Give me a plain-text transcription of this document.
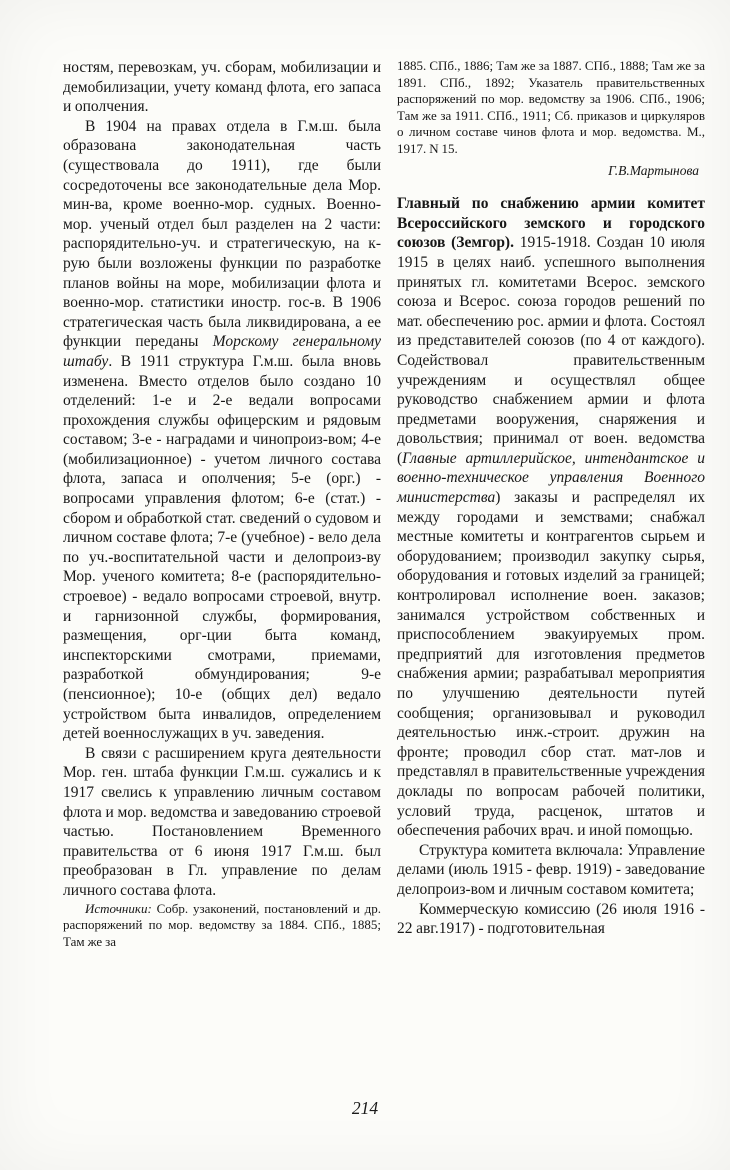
ностям, перевозкам, уч. сборам, мобилизации и демобилизации, учету команд флота, его запаса и ополчения.

В 1904 на правах отдела в Г.м.ш. была образована законодательная часть (существовала до 1911), где были сосредоточены все законодательные дела Мор. мин-ва, кроме военно-мор. судных. Военно-мор. ученый отдел был разделен на 2 части: распорядительно-уч. и стратегическую, на к-рую были возложены функции по разработке планов войны на море, мобилизации флота и военно-мор. статистики иностр. гос-в. В 1906 стратегическая часть была ликвидирована, а ее функции переданы Морскому генеральному штабу. В 1911 структура Г.м.ш. была вновь изменена. Вместо отделов было создано 10 отделений: 1-е и 2-е ведали вопросами прохождения службы офицерским и рядовым составом; 3-е - наградами и чинопроиз-вом; 4-е (мобилизационное) - учетом личного состава флота, запаса и ополчения; 5-е (орг.) - вопросами управления флотом; 6-е (стат.) - сбором и обработкой стат. сведений о судовом и личном составе флота; 7-е (учебное) - вело дела по уч.-воспитательной части и делопроиз-ву Мор. ученого комитета; 8-е (распорядительно-строевое) - ведало вопросами строевой, внутр. и гарнизонной службы, формирования, размещения, орг-ции быта команд, инспекторскими смотрами, приемами, разработкой обмундирования; 9-е (пенсионное); 10-е (общих дел) ведало устройством быта инвалидов, определением детей военнослужащих в уч. заведения.

В связи с расширением круга деятельности Мор. ген. штаба функции Г.м.ш. сужались и к 1917 свелись к управлению личным составом флота и мор. ведомства и заведованию строевой частью. Постановлением Временного правительства от 6 июня 1917 Г.м.ш. был преобразован в Гл. управление по делам личного состава флота.

Источники: Собр. узаконений, постановлений и др. распоряжений по мор. ведомству за 1884. СПб., 1885; Там же за

1885. СПб., 1886; Там же за 1887. СПб., 1888; Там же за 1891. СПб., 1892; Указатель правительственных распоряжений по мор. ведомству за 1906. СПб., 1906; Там же за 1911. СПб., 1911; Сб. приказов и циркуляров о личном составе чинов флота и мор. ведомства. М., 1917. N 15.

Г.В.Мартынова

Главный по снабжению армии комитет Всероссийского земского и городского союзов (Земгор). 1915-1918. Создан 10 июля 1915 в целях наиб. успешного выполнения принятых гл. комитетами Всерос. земского союза и Всерос. союза городов решений по мат. обеспечению рос. армии и флота. Состоял из представителей союзов (по 4 от каждого). Содействовал правительственным учреждениям и осуществлял общее руководство снабжением армии и флота предметами вооружения, снаряжения и довольствия; принимал от воен. ведомства (Главные артиллерийское, интендантское и военно-техническое управления Военного министерства) заказы и распределял их между городами и земствами; снабжал местные комитеты и контрагентов сырьем и оборудованием; производил закупку сырья, оборудования и готовых изделий за границей; контролировал исполнение воен. заказов; занимался устройством собственных и приспособлением эвакуируемых пром. предприятий для изготовления предметов снабжения армии; разрабатывал мероприятия по улучшению деятельности путей сообщения; организовывал и руководил деятельностью инж.-строит. дружин на фронте; проводил сбор стат. мат-лов и представлял в правительственные учреждения доклады по вопросам рабочей политики, условий труда, расценок, штатов и обеспечения рабочих врач. и иной помощью.

Структура комитета включала: Управление делами (июль 1915 - февр. 1919) - заведование делопроиз-вом и личным составом комитета;

Коммерческую комиссию (26 июля 1916 - 22 авг.1917) - подготовительная

214
